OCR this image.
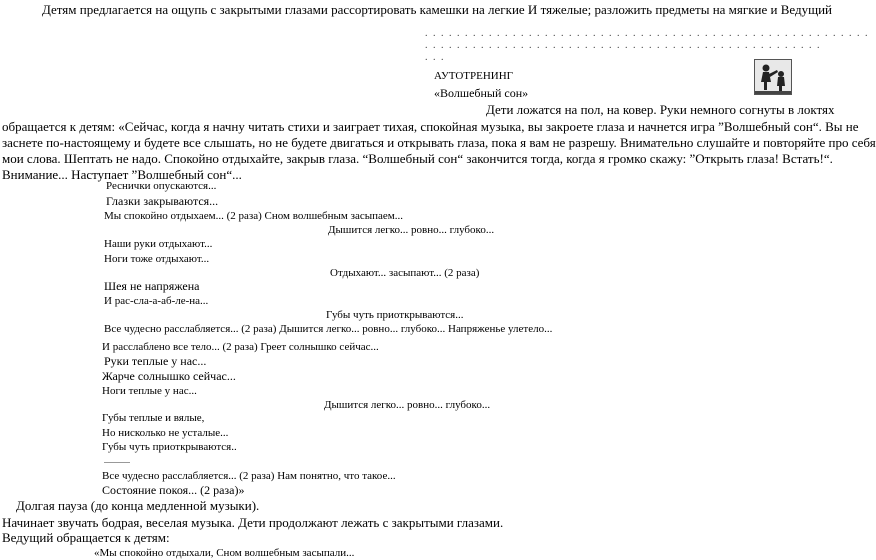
Детям предлагается на ощупь с закрытыми глазами рассортировать камешки на легкие И тяжелые; разложить предметы на мягкие и Ведущий

. . . . . . . . . . . . . . . . . . . . . . . . . . . . . . . . . . . . . . . . . . . . . . . . . . . . . . . .
. . . . . . . . . . . . . . . . . . . . . . . . . . . . . . . . . . . . . . . . . . . . . . . . . .
. . .

АУТОТРЕНИНГ

«Волшебный сон»

Дети ложатся на пол, на ковер. Руки немного согнуты в локтях

обращается к детям: «Сейчас, когда я начну читать стихи и заиграет тихая, спокойная музыка, вы закроете глаза и начнется игра ”Волшебный сон“. Вы не

заснете по-настоящему и будете все слышать, но не будете двигаться и открывать глаза, пока я вам не разрешу. Внимательно слушайте и повторяйте про себя

мои слова. Шептать не надо. Спокойно отдыхайте, закрыв глаза. “Волшебный сон“ закончится тогда, когда я громко скажу: ”Открыть глаза! Встать!“.

Внимание... Наступает ”Волшебный сон“...

Реснички опускаются...

Глазки закрываются...

Мы спокойно отдыхаем... (2 раза) Сном волшебным засыпаем...

Дышится легко... ровно... глубоко...

Наши руки отдыхают...

Ноги тоже отдыхают...

Отдыхают... засыпают... (2 раза)

Шея не напряжена

И рас-сла-а-аб-ле-на...

Губы чуть приоткрываются...

Все чудесно расслабляется... (2 раза) Дышится легко... ровно... глубоко... Напряженье улетело...

И расслаблено все тело... (2 раза) Греет солнышко сейчас...

Руки теплые у нас...

Жарче солнышко сейчас...

Ноги теплые у нас...

Дышится легко... ровно... глубоко...

Губы теплые и вялые,

Но нисколько не усталые...

Губы чуть приоткрываются..

Все чудесно расслабляется... (2 раза) Нам понятно, что такое...

Состояние покоя... (2 раза)»

Долгая пауза (до конца медленной музыки).

Начинает звучать бодрая, веселая музыка. Дети продолжают лежать с закрытыми глазами.

Ведущий обращается к детям:

«Мы спокойно отдыхали, Сном волшебным засыпали...
